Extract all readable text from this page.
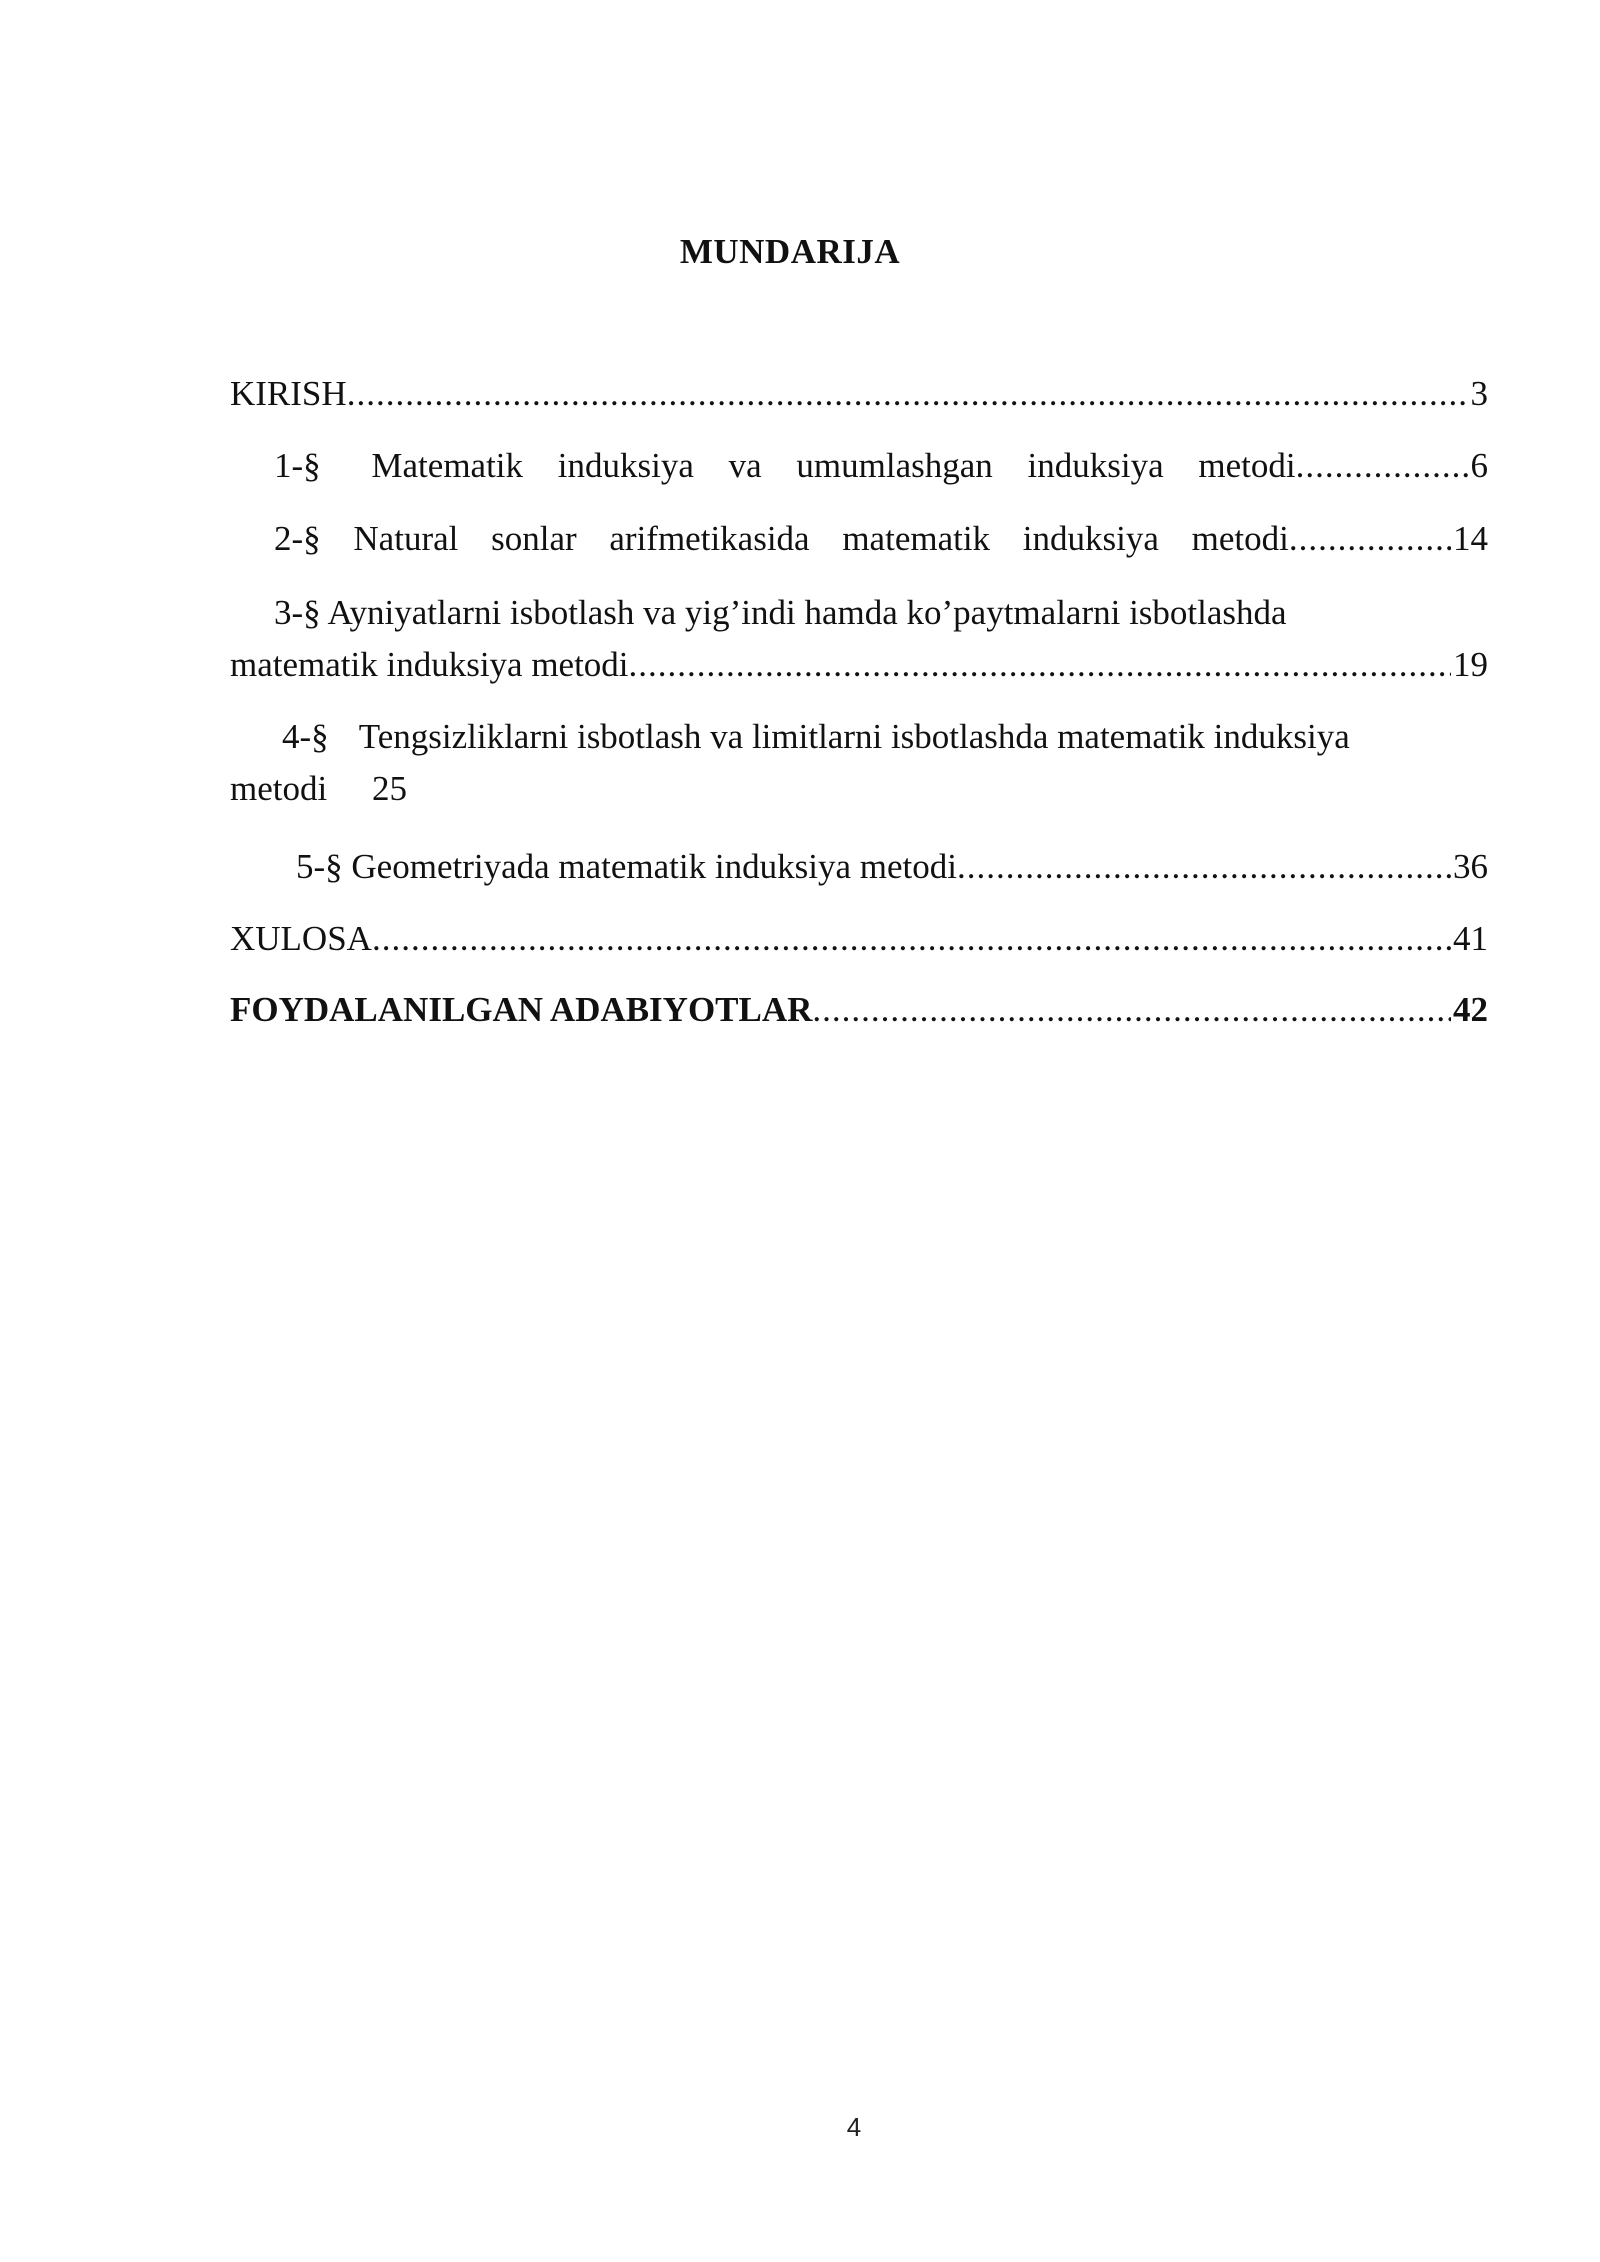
MUNDARIJA
KIRISH .....	3
1-§ Matematik induksiya va umumlashgan induksiya metodi .....	6
2-§ Natural sonlar arifmetikasida matematik induksiya metodi .....	14
3-§ Ayniyatlarni isbotlash va yig’indi hamda ko’paytmalarni isbotlashda
matematik induksiya metodi .....	19
4-§ Tengsizliklarni isbotlash va limitlarni isbotlashda matematik induksiya
metodi 25
5-§ Geometriyada matematik induksiya metodi .....	36
XULOSA .....	41
FOYDALANILGAN ADABIYOTLAR .....	42
4
